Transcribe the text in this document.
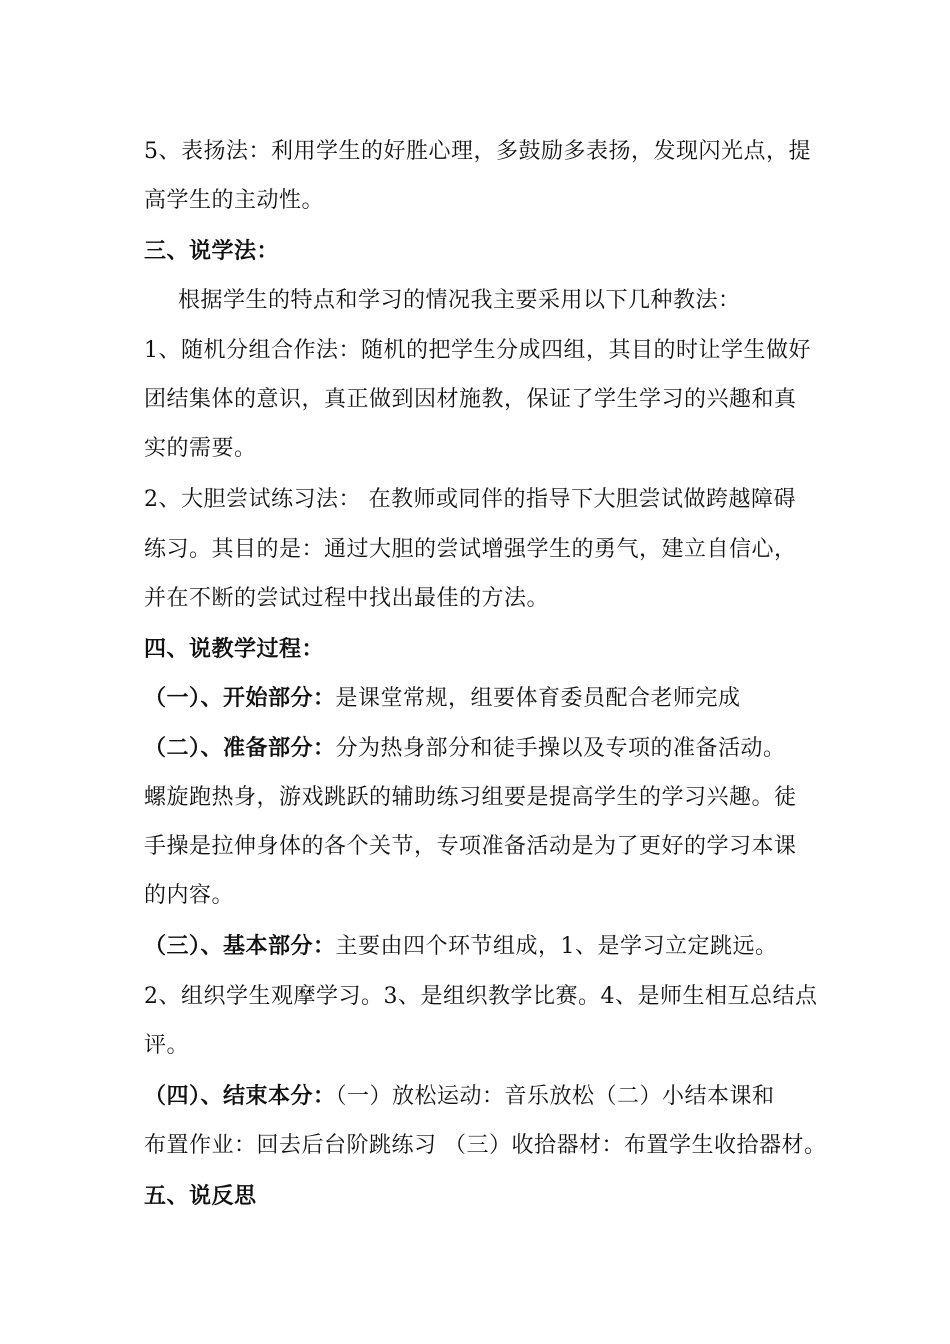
5、表扬法：利用学生的好胜心理，多鼓励多表扬，发现闪光点，提
高学生的主动性。
三、说学法：
根据学生的特点和学习的情况我主要采用以下几种教法：
1、随机分组合作法：随机的把学生分成四组，其目的时让学生做好
团结集体的意识，真正做到因材施教，保证了学生学习的兴趣和真
实的需要。
2、大胆尝试练习法： 在教师或同伴的指导下大胆尝试做跨越障碍
练习。其目的是：通过大胆的尝试增强学生的勇气，建立自信心，
并在不断的尝试过程中找出最佳的方法。
四、说教学过程：
（一）、开始部分：是课堂常规，组要体育委员配合老师完成
（二）、准备部分：分为热身部分和徒手操以及专项的准备活动。
螺旋跑热身，游戏跳跃的辅助练习组要是提高学生的学习兴趣。徒
手操是拉伸身体的各个关节，专项准备活动是为了更好的学习本课
的内容。
（三）、基本部分：主要由四个环节组成，1、是学习立定跳远。
2、组织学生观摩学习。3、是组织教学比赛。4、是师生相互总结点
评。
（四）、结束本分：（一）放松运动：音乐放松（二）小结本课和
布置作业：回去后台阶跳练习 （三）收拾器材：布置学生收拾器材。
五、说反思
